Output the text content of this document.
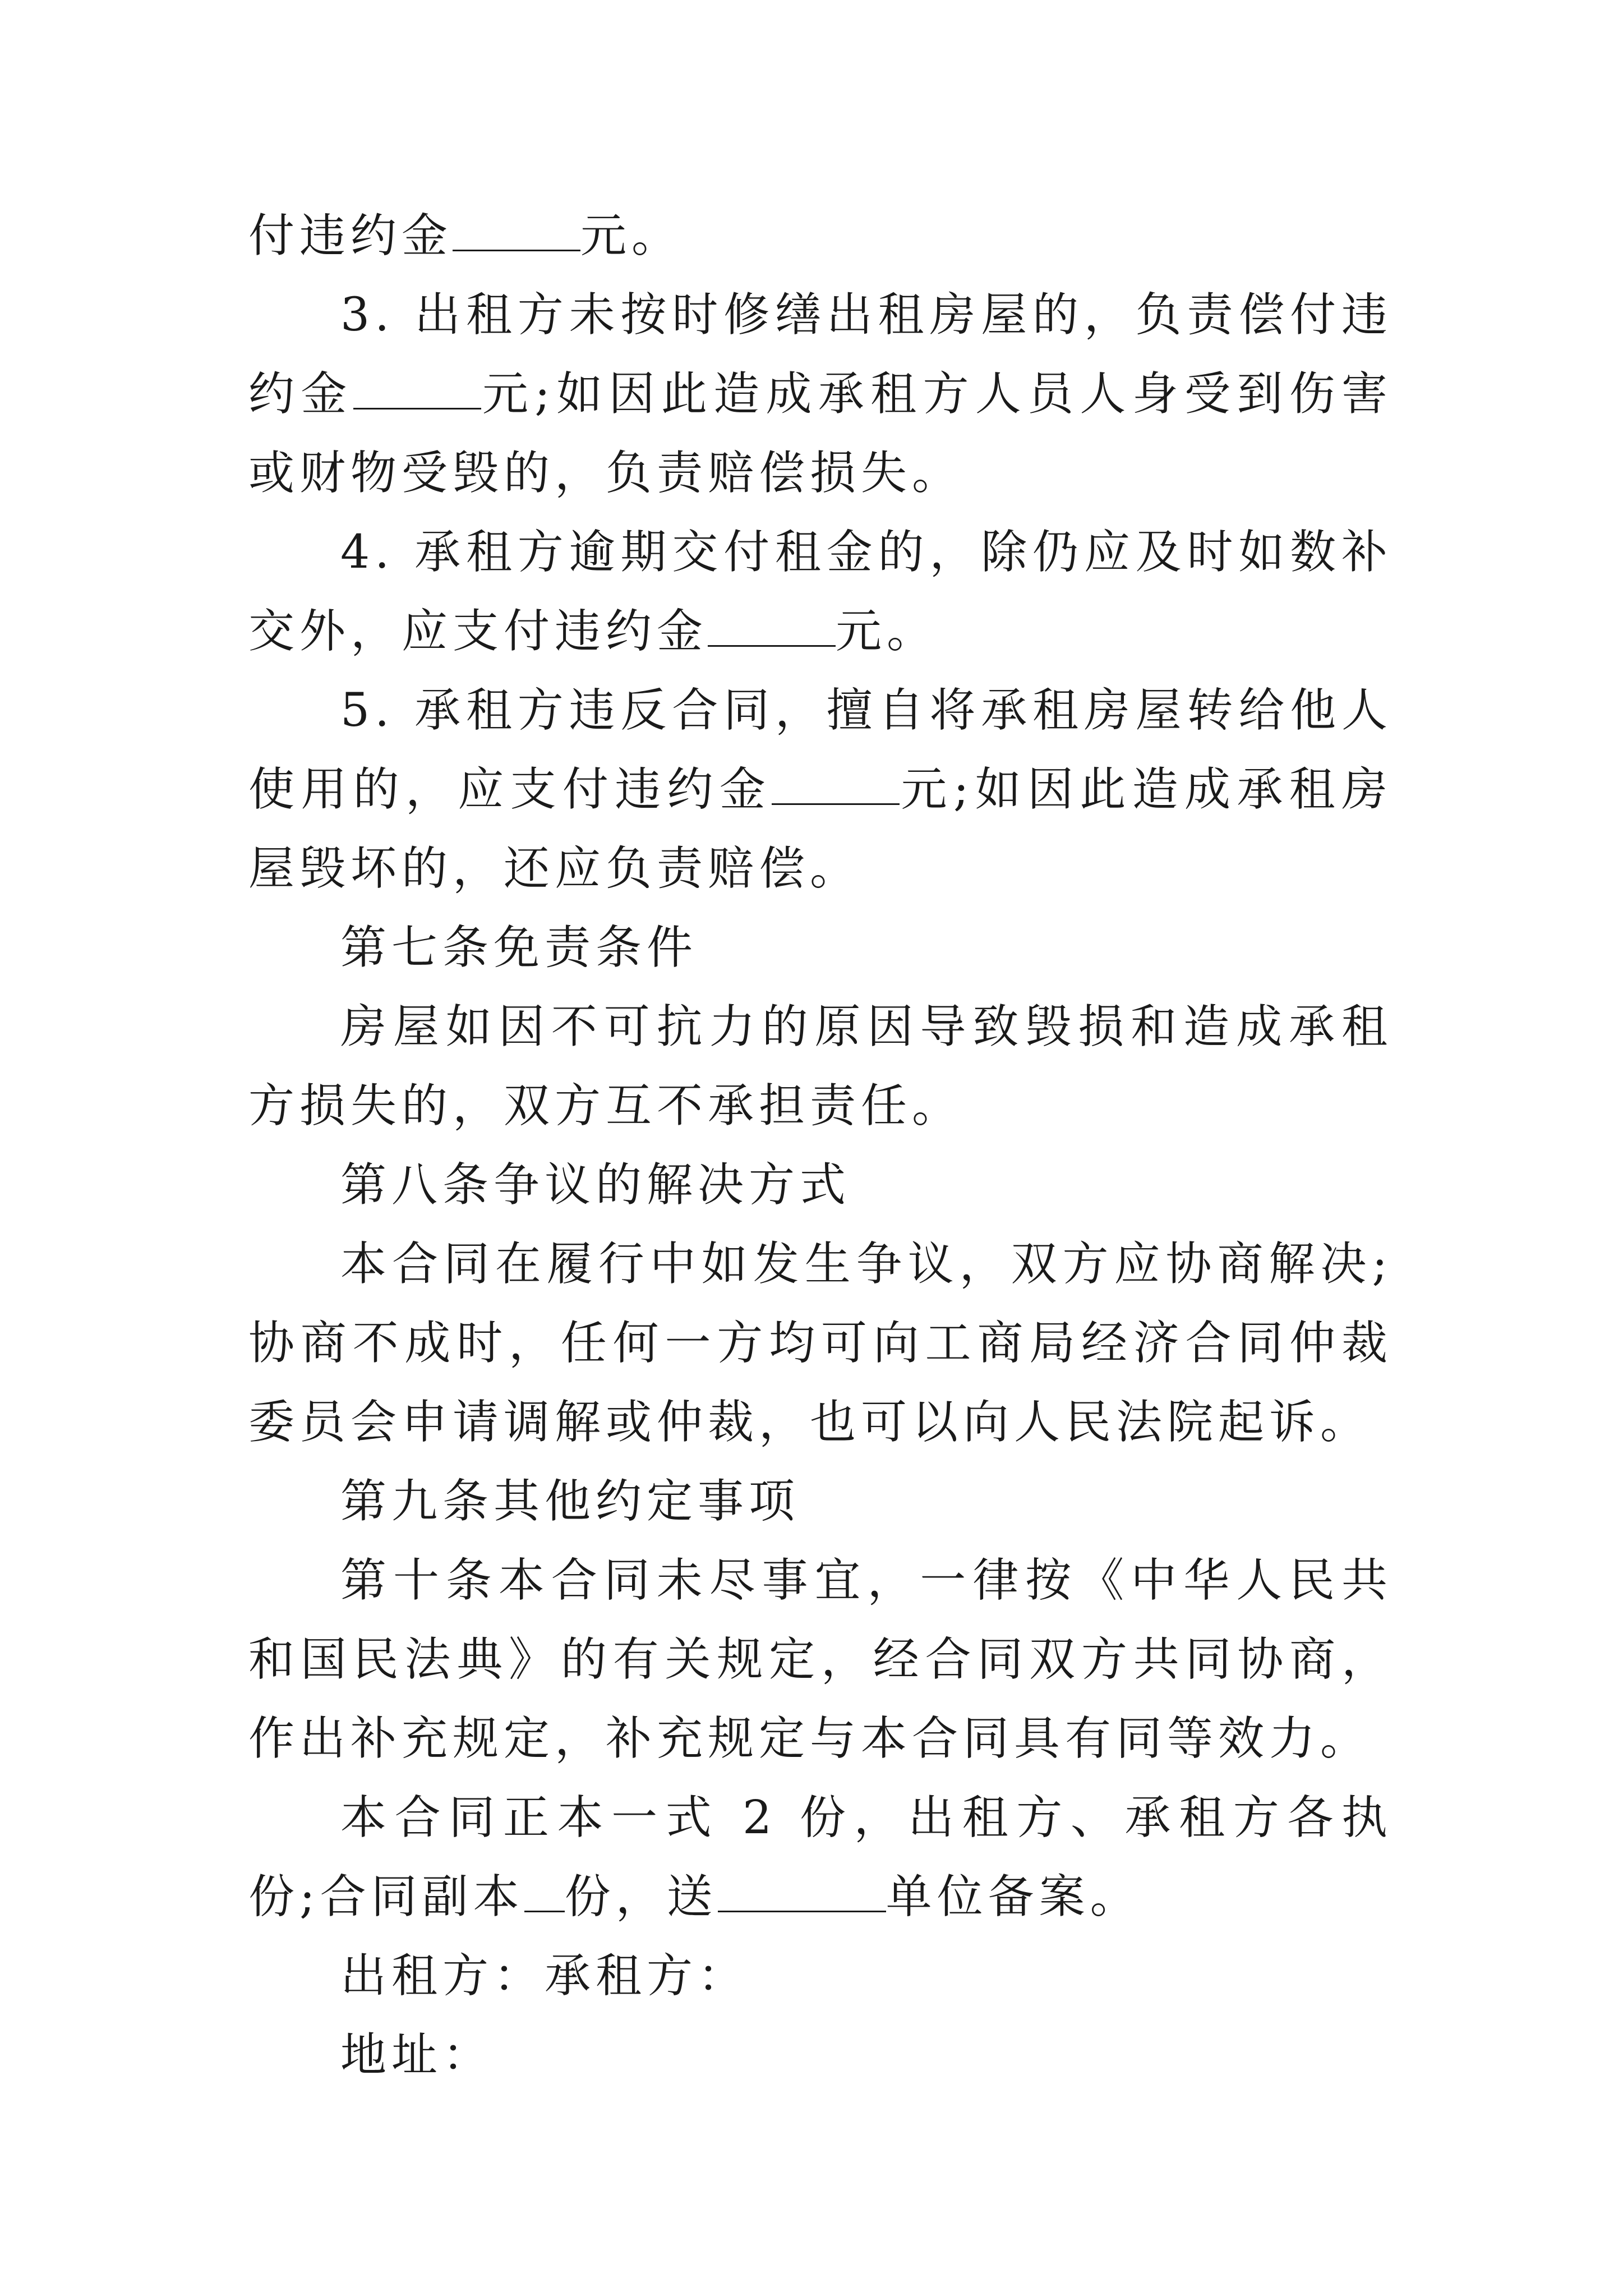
付违约金	元。

3. 出租方未按时修缮出租房屋的，负责偿付违约金	元;如因此造成承租方人员人身受到伤害或财物受毁的，负责赔偿损失。

4. 承租方逾期交付租金的，除仍应及时如数补交外，应支付违约金	元。

5. 承租方违反合同，擅自将承租房屋转给他人使用的，应支付违约金	元;如因此造成承租房屋毁坏的，还应负责赔偿。

第七条免责条件

房屋如因不可抗力的原因导致毁损和造成承租方损失的，双方互不承担责任。

第八条争议的解决方式

本合同在履行中如发生争议，双方应协商解决;协商不成时，任何一方均可向工商局经济合同仲裁委员会申请调解或仲裁，也可以向人民法院起诉。

第九条其他约定事项

第十条本合同未尽事宜，一律按《中华人民共和国民法典》的有关规定，经合同双方共同协商，作出补充规定，补充规定与本合同具有同等效力。

本合同正本一式 2 份，出租方、承租方各执份;合同副本 份，送	单位备案。

出租方：承租方：

地址：
